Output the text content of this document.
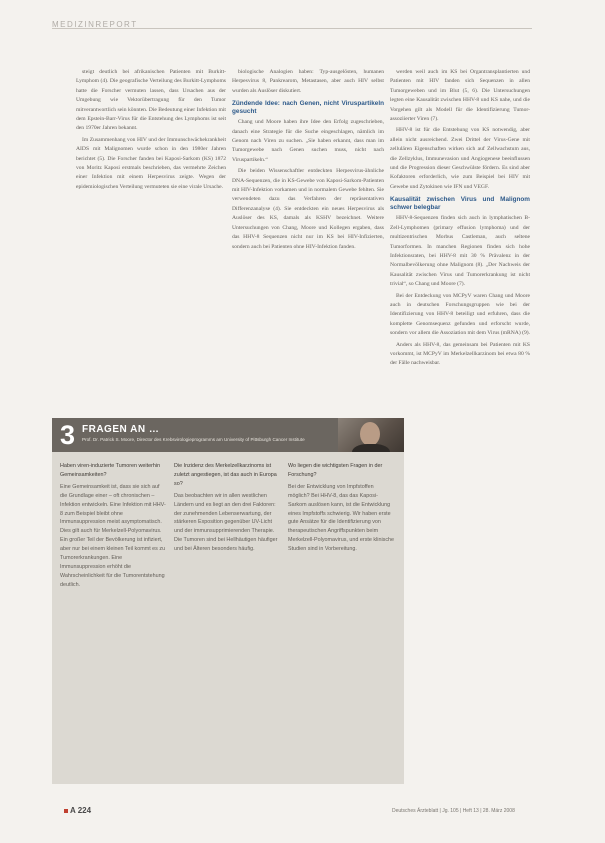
MEDIZINREPORT

steigt deutlich bei afrikanischen Patienten mit Burkitt-Lymphom (4). Die geografische Verteilung des Burkitt-Lymphoms hatte die Forscher vermuten lassen, dass Ursachen aus der Umgebung wie Vektorübertragung für den Tumor mitverantwortlich sein könnten. Die Bedeutung einer Infektion mit dem Epstein-Barr-Virus für die Entstehung des Lymphoms ist seit den 1970er Jahren bekannt.

Im Zusammenhang von HIV und der Immunschwächekrankheit AIDS mit Malignomen wurde schon in den 1980er Jahren berichtet (5). Die Forscher fanden bei Kaposi-Sarkom (KS) 1872 von Moritz Kaposi erstmals beschrieben, das vermehrte Zeichen einer Infektion mit einem Herpesvirus zeigte. Wegen der epidemiologischen Verteilung vermuteten sie eine virale Ursache.

biologische Analogien haben: Typ-ausgelösten, humanen Herpesvirus 8, Pankrearom, Metastasen, aber auch HIV selbst wurden als Auslöser diskutiert.

Zündende Idee: nach Genen, nicht Viruspartikeln gesucht

Chang und Moore haben ihre Idee den Erfolg zugeschrieben, danach eine Strategie für die Suche eingeschlagen, nämlich im Genom nach Viren zu suchen. „Sie haben erkannt, dass man im Tumorgewebe nach Genen suchen muss, nicht nach Viruspartikeln.“

Die beiden Wissenschaftler entdeckten Herpesvirus-ähnliche DNA-Sequenzen, die in KS-Gewebe von Kaposi-Sarkom-Patienten mit HIV-Infektion vorkamen und in normalem Gewebe fehlten. Sie verwendeten dazu das Verfahren der repräsentativen Differenzanalyse (4). Sie entdeckten ein neues Herpesvirus als Auslöser des KS, damals als KSHV bezeichnet. Weitere Untersuchungen von Chang, Moore und Kollegen ergaben, dass das HHV-8 Sequenzen nicht nur im KS bei HIV-Infizierten, sondern auch bei Patienten ohne HIV-Infektion fanden.

werden weil auch im KS bei Organtransplantierten und Patienten mit HIV fanden sich Sequenzen in allen Tumorgeweben und im Blut (5, 6). Die Untersuchungen legten eine Kausalität zwischen HHV-8 und KS nahe, und die Vorgehen gilt als Modell für die Identifizierung Tumor-assoziierter Viren (7).

HHV-8 ist für die Entstehung von KS notwendig, aber allein nicht ausreichend. Zwei Drittel der Virus-Gene mit zellulären Eigenschaften wirken sich auf Zellwachstum aus, die Zellzyklus, Immunevasion und Angiogenese beeinflussen und die Progression dieser Geschwülste fördern. Es sind aber Kofaktoren erforderlich, wie zum Beispiel bei HIV mit Gewebe und Zytokinen wie IFN und VEGF.

Kausalität zwischen Virus und Malignom schwer belegbar

HHV-8-Sequenzen finden sich auch in lymphatischen B-Zell-Lymphomen (primary effusion lymphoma) und der multizentrischen Morbus Castleman, auch seltene Tumorformen. In manchen Regionen finden sich hohe Infektionsraten, bei HHV-8 mit 30 % Prävalenz in der Normalbevölkerung ohne Malignom (8). „Der Nachweis der Kausalität zwischen Virus und Tumorerkrankung ist nicht trivial“, so Chang und Moore (7).

Bei der Entdeckung von MCPyV waren Chang und Moore auch in deutschen Forschungsgruppen wie bei der Identifizierung von HHV-8 beteiligt und erfuhren, dass die komplette Genomsequenz gefunden und erforscht wurde, sondern vor allem die Assoziation mit dem Virus (mRNA) (9).

Anders als HHV-8, das gemeinsam bei Patienten mit KS vorkommt, ist MCPyV im Merkelzellkarzinom bei etwa 80 % der Fälle nachweisbar.

3 FRAGEN AN …
Prof. Dr. Patrick S. Moore, Director des Krebsvirologieprogramms am University of Pittsburgh Cancer Institute

Haben viren-induzierte Tumoren weiterhin Gemeinsamkeiten?

Eine Gemeinsamkeit ist, dass sie sich auf die Grundlage einer – oft chronischen – Infektion entwickeln. Eine Infektion mit HHV-8 zum Beispiel bleibt ohne Immunsuppression meist asymptomatisch. Dies gilt auch für Merkelzell-Polyomavirus. Ein großer Teil der Bevölkerung ist infiziert, aber nur bei einem kleinen Teil kommt es zu Tumorerkrankungen. Eine Immunsuppression erhöht die Wahrscheinlichkeit für die Tumorentstehung deutlich.

Die Inzidenz des Merkelzellkarzinoms ist zuletzt angestiegen, ist das auch in Europa so?

Das beobachten wir in allen westlichen Ländern und es liegt an den drei Faktoren: der zunehmenden Lebenserwartung, der stärkeren Exposition gegenüber UV-Licht und der immunsupprimierenden Therapie. Die Tumoren sind bei Hellhäutigen häufiger und bei Älteren besonders häufig.

Wo liegen die wichtigsten Fragen in der Forschung?

Bei der Entwicklung von Impfstoffen möglich? Bei HHV-8, das das Kaposi-Sarkom auslösen kann, ist die Entwicklung eines Impfstoffs schwierig. Wir haben erste gute Ansätze für die Identifizierung von therapeutischen Angriffspunkten beim Merkelzell-Polyomavirus, und erste klinische Studien sind in Vorbereitung.

A 224	Deutsches Ärzteblatt | Jg. 105 | Heft 13 | 28. März 2008
